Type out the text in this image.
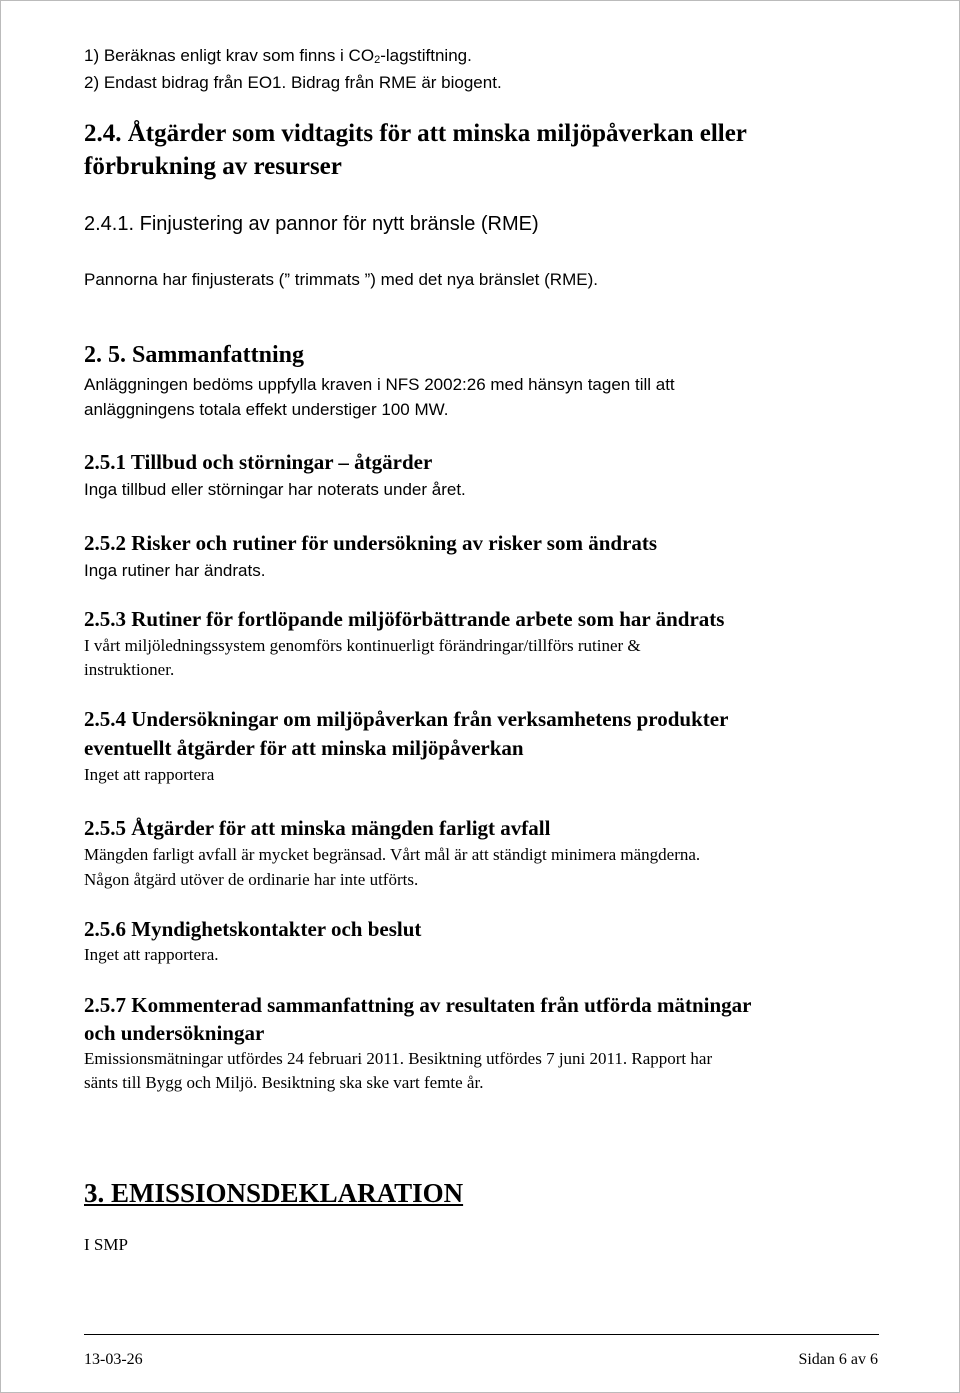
1) Beräknas enligt krav som finns i CO2-lagstiftning.
2) Endast bidrag från EO1. Bidrag från RME är biogent.
2.4. Åtgärder som vidtagits för att minska miljöpåverkan eller
förbrukning av resurser
2.4.1. Finjustering av pannor för nytt bränsle (RME)
Pannorna har finjusterats (” trimmats ”) med det nya bränslet (RME).
2. 5. Sammanfattning
Anläggningen bedöms uppfylla kraven i NFS 2002:26 med hänsyn tagen till att
anläggningens totala effekt understiger 100 MW.
2.5.1 Tillbud och störningar – åtgärder
Inga tillbud eller störningar har noterats under året.
2.5.2 Risker och rutiner för undersökning av risker som ändrats
Inga rutiner har ändrats.
2.5.3 Rutiner för fortlöpande miljöförbättrande arbete som har ändrats
I vårt miljöledningssystem genomförs kontinuerligt förändringar/tillförs rutiner &
instruktioner.
2.5.4 Undersökningar om miljöpåverkan från verksamhetens produkter
eventuellt åtgärder för att minska miljöpåverkan
Inget att rapportera
2.5.5 Åtgärder för att minska mängden farligt avfall
Mängden farligt avfall är mycket begränsad. Vårt mål är att ständigt minimera mängderna.
Någon åtgärd utöver de ordinarie har inte utförts.
2.5.6 Myndighetskontakter och beslut
Inget att rapportera.
2.5.7 Kommenterad sammanfattning av resultaten från utförda mätningar
och undersökningar
Emissionsmätningar utfördes 24 februari 2011. Besiktning utfördes 7 juni 2011. Rapport har
sänts till Bygg och Miljö. Besiktning ska ske vart femte år.
3. EMISSIONSDEKLARATION
I SMP
13-03-26	Sidan 6 av 6
